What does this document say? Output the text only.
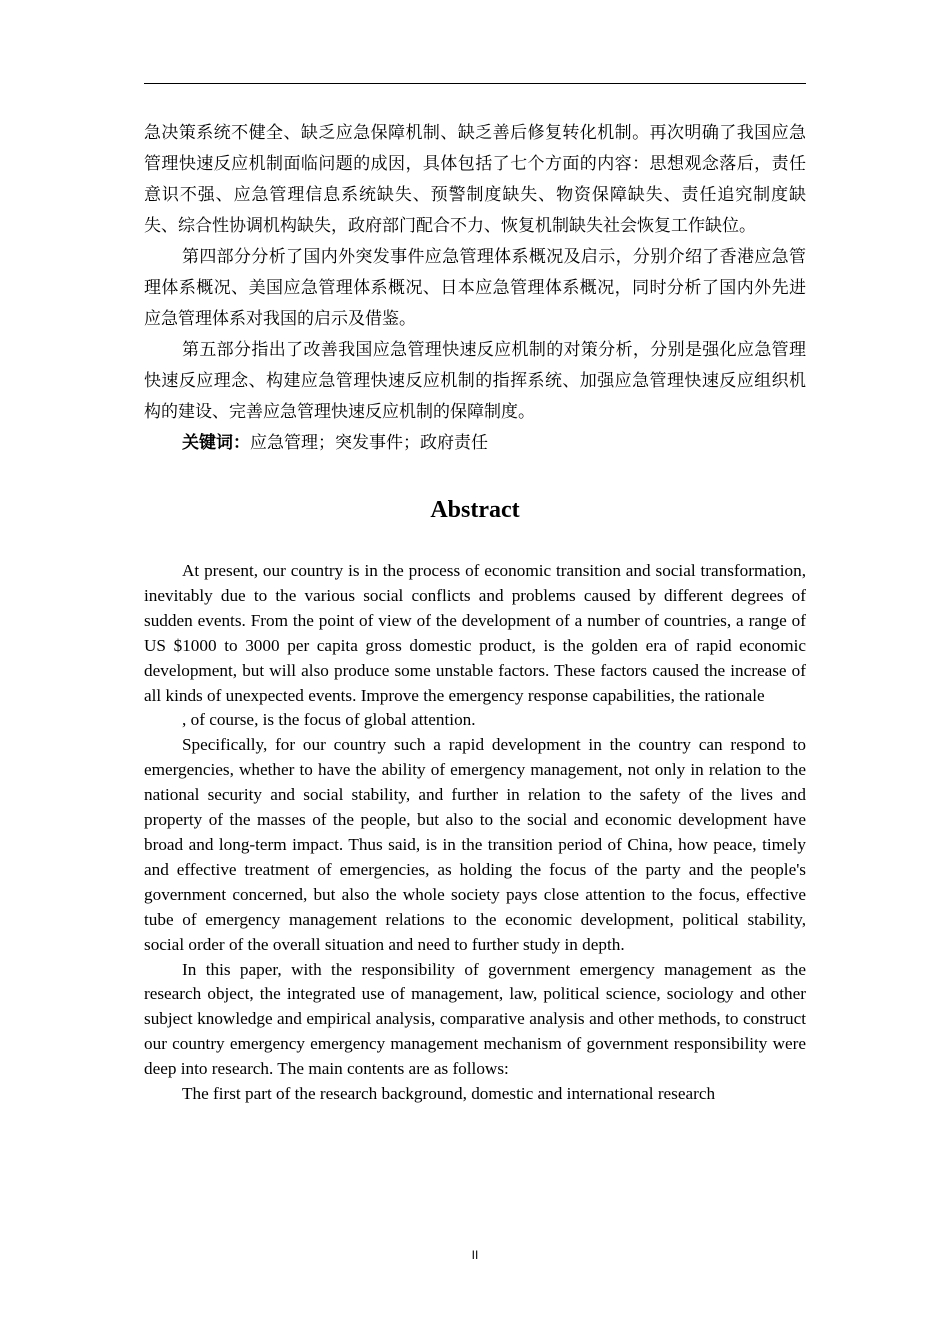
急决策系统不健全、缺乏应急保障机制、缺乏善后修复转化机制。再次明确了我国应急管理快速反应机制面临问题的成因，具体包括了七个方面的内容：思想观念落后，责任意识不强、应急管理信息系统缺失、预警制度缺失、物资保障缺失、责任追究制度缺失、综合性协调机构缺失，政府部门配合不力、恢复机制缺失社会恢复工作缺位。

第四部分分析了国内外突发事件应急管理体系概况及启示，分别介绍了香港应急管理体系概况、美国应急管理体系概况、日本应急管理体系概况，同时分析了国内外先进应急管理体系对我国的启示及借鉴。

第五部分指出了改善我国应急管理快速反应机制的对策分析，分别是强化应急管理快速反应理念、构建应急管理快速反应机制的指挥系统、加强应急管理快速反应组织机构的建设、完善应急管理快速反应机制的保障制度。

关键词：应急管理；突发事件；政府责任

Abstract

At present, our country is in the process of economic transition and social transformation, inevitably due to the various social conflicts and problems caused by different degrees of sudden events. From the point of view of the development of a number of countries, a range of US $1000 to 3000 per capita gross domestic product, is the golden era of rapid economic development, but will also produce some unstable factors. These factors caused the increase of all kinds of unexpected events. Improve the emergency response capabilities, the rationale

, of course, is the focus of global attention.

Specifically, for our country such a rapid development in the country can respond to emergencies, whether to have the ability of emergency management, not only in relation to the national security and social stability, and further in relation to the safety of the lives and property of the masses of the people, but also to the social and economic development have broad and long-term impact. Thus said, is in the transition period of China, how peace, timely and effective treatment of emergencies, as holding the focus of the party and the people's government concerned, but also the whole society pays close attention to the focus, effective tube of emergency management relations to the economic development, political stability, social order of the overall situation and need to further study in depth.

In this paper, with the responsibility of government emergency management as the research object, the integrated use of management, law, political science, sociology and other subject knowledge and empirical analysis, comparative analysis and other methods, to construct our country emergency emergency management mechanism of government responsibility were deep into research. The main contents are as follows:

The first part of the research background, domestic and international research

II
